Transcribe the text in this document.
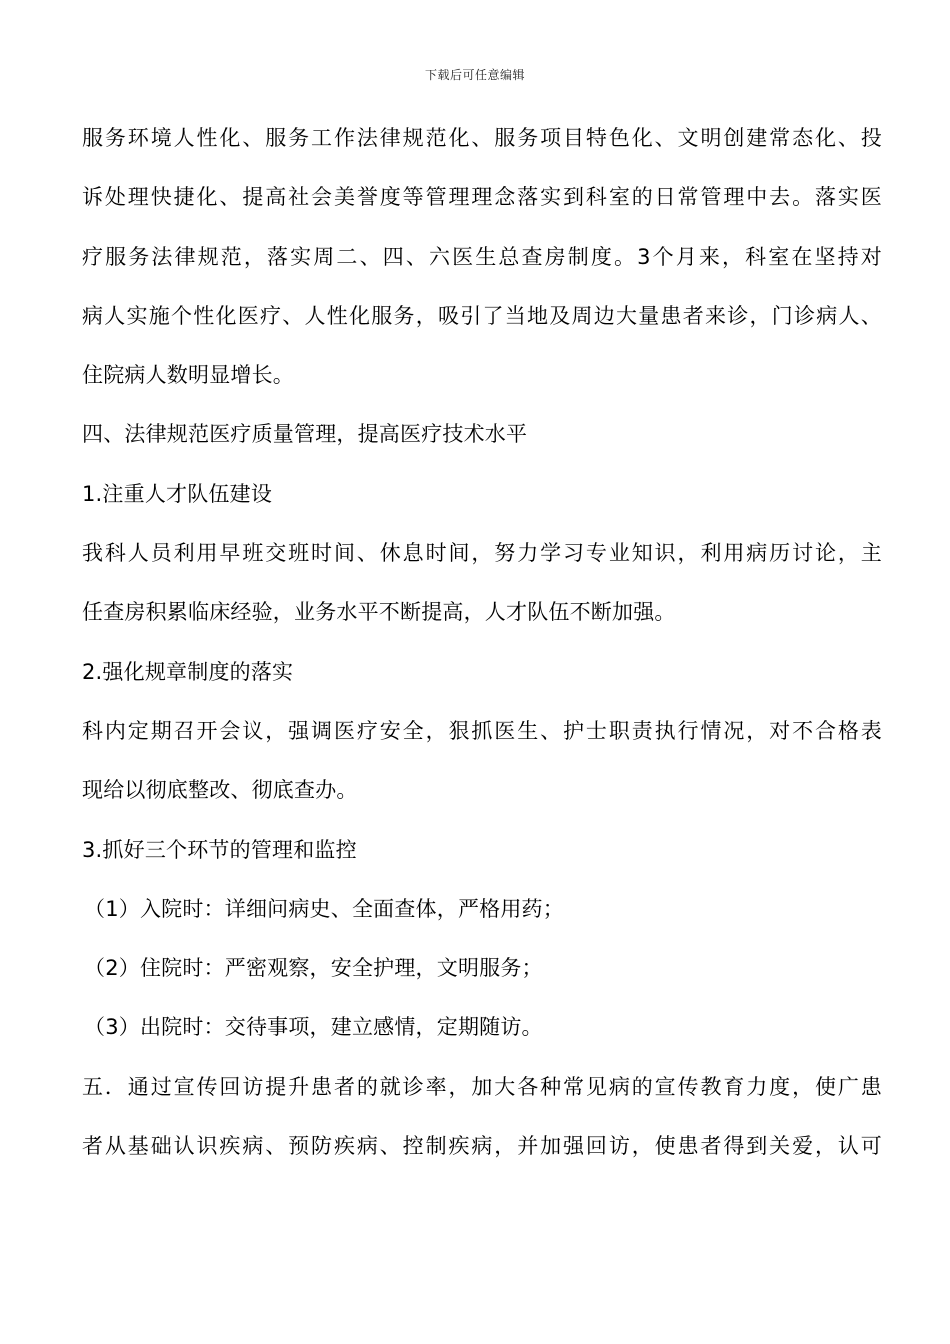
下载后可任意编辑
服务环境人性化、服务工作法律规范化、服务项目特色化、文明创建常态化、投
诉处理快捷化、提高社会美誉度等管理理念落实到科室的日常管理中去。落实医
疗服务法律规范，落实周二、四、六医生总查房制度。3个月来，科室在坚持对
病人实施个性化医疗、人性化服务，吸引了当地及周边大量患者来诊，门诊病人、
住院病人数明显增长。
四、法律规范医疗质量管理，提高医疗技术水平
1.注重人才队伍建设
我科人员利用早班交班时间、休息时间，努力学习专业知识，利用病历讨论，主
任查房积累临床经验，业务水平不断提高，人才队伍不断加强。
2.强化规章制度的落实
科内定期召开会议，强调医疗安全，狠抓医生、护士职责执行情况，对不合格表
现给以彻底整改、彻底查办。
3.抓好三个环节的管理和监控
（1）入院时：详细问病史、全面查体，严格用药；
（2）住院时：严密观察，安全护理，文明服务；
（3）出院时：交待事项，建立感情，定期随访。
五．通过宣传回访提升患者的就诊率，加大各种常见病的宣传教育力度，使广患
者从基础认识疾病、预防疾病、控制疾病，并加强回访，使患者得到关爱，认可
